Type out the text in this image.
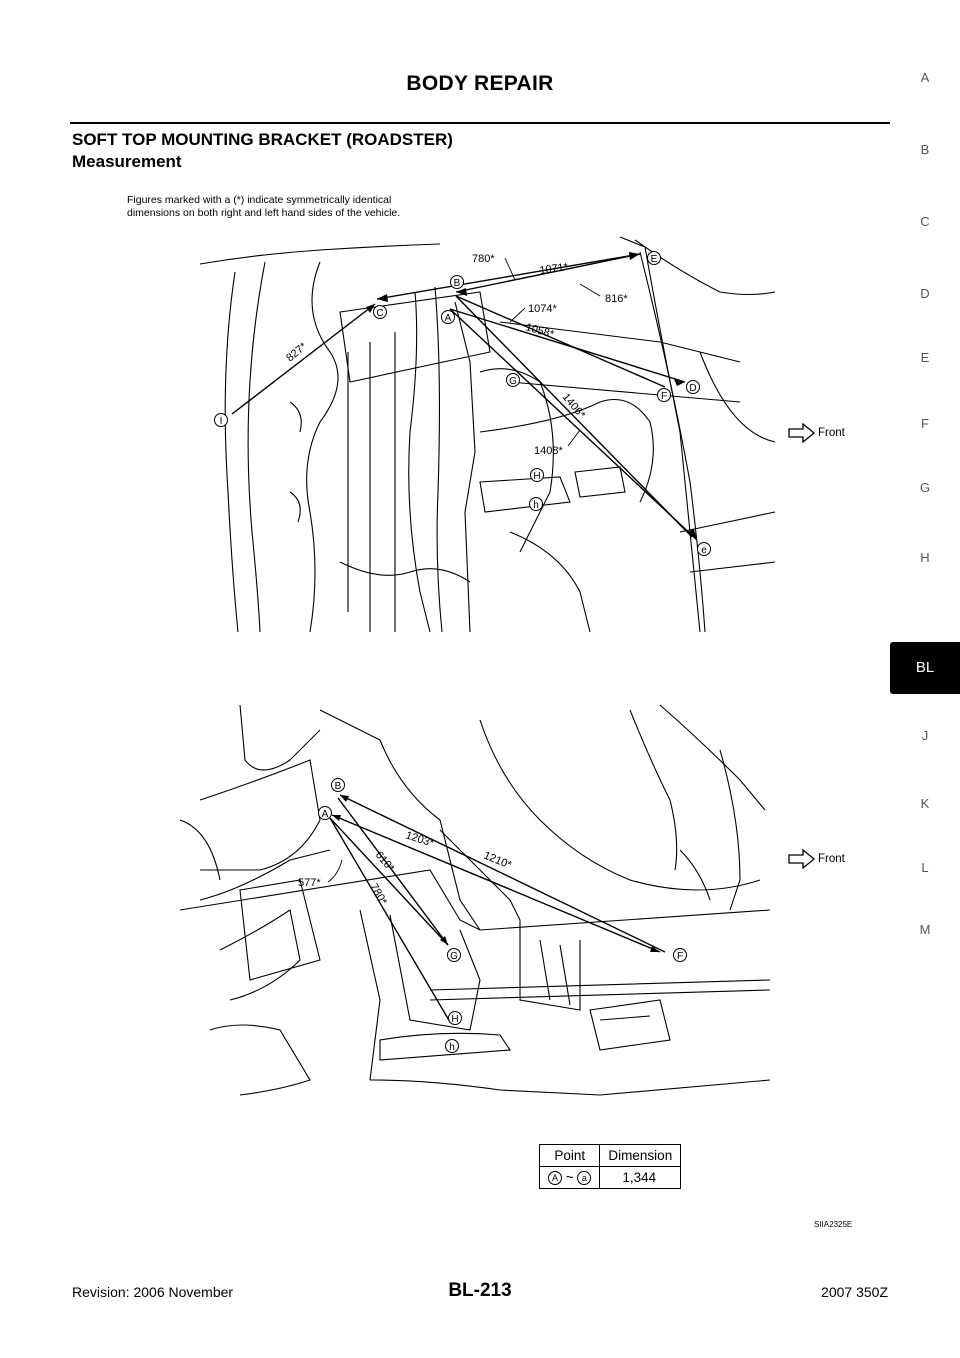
BODY REPAIR
SOFT TOP MOUNTING BRACKET (ROADSTER)
Measurement
Figures marked with a (*) indicate symmetrically identical dimensions on both right and left hand sides of the vehicle.
A
B
C
D
E
F
G
H
BL
J
K
L
M
780*
1071*
816*
1074*
1058*
827*
1406*
1408*
B
C	A
E
D
F
G
H
h
e
I
Front
1203*
1210*
610*
577*	780*
B
A
G	F
H
h
Front
Point	Dimension
A ~ a	1,344
SIIA2325E
Revision: 2006 November	BL-213	2007 350Z
